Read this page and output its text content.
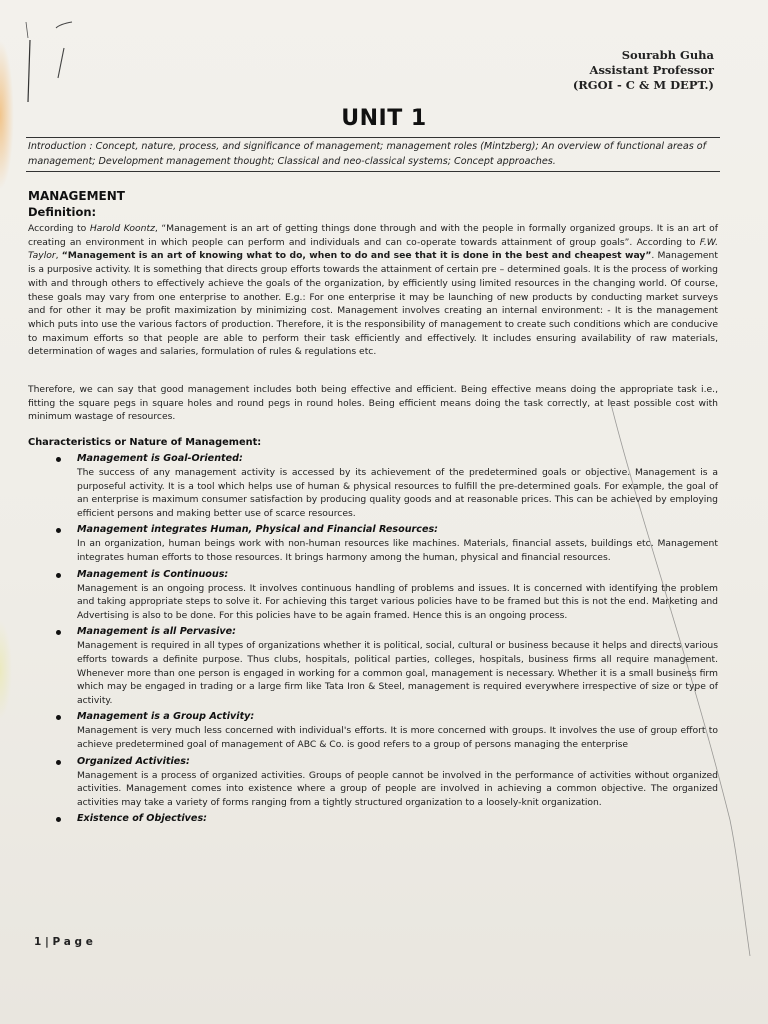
Sourabh Guha
Assistant Professor
(RGOI - C & M DEPT.)
UNIT 1
Introduction : Concept, nature, process, and significance of management; management roles (Mintzberg); An overview of functional areas of management; Development management thought; Classical and neo-classical systems; Concept approaches.
MANAGEMENT
Definition:
According to Harold Koontz, “Management is an art of getting things done through and with the people in formally organized groups. It is an art of creating an environment in which people can perform and individuals and can co-operate towards attainment of group goals”. According to F.W. Taylor, “Management is an art of knowing what to do, when to do and see that it is done in the best and cheapest way”. Management is a purposive activity. It is something that directs group efforts towards the attainment of certain pre – determined goals. It is the process of working with and through others to effectively achieve the goals of the organization, by efficiently using limited resources in the changing world. Of course, these goals may vary from one enterprise to another. E.g.: For one enterprise it may be launching of new products by conducting market surveys and for other it may be profit maximization by minimizing cost. Management involves creating an internal environment: - It is the management which puts into use the various factors of production. Therefore, it is the responsibility of management to create such conditions which are conducive to maximum efforts so that people are able to perform their task efficiently and effectively. It includes ensuring availability of raw materials, determination of wages and salaries, formulation of rules & regulations etc.
Therefore, we can say that good management includes both being effective and efficient. Being effective means doing the appropriate task i.e., fitting the square pegs in square holes and round pegs in round holes. Being efficient means doing the task correctly, at least possible cost with minimum wastage of resources.
Characteristics or Nature of Management:
Management is Goal-Oriented:
The success of any management activity is accessed by its achievement of the predetermined goals or objective. Management is a purposeful activity. It is a tool which helps use of human & physical resources to fulfill the pre-determined goals. For example, the goal of an enterprise is maximum consumer satisfaction by producing quality goods and at reasonable prices. This can be achieved by employing efficient persons and making better use of scarce resources.
Management integrates Human, Physical and Financial Resources:
In an organization, human beings work with non-human resources like machines. Materials, financial assets, buildings etc. Management integrates human efforts to those resources. It brings harmony among the human, physical and financial resources.
Management is Continuous:
Management is an ongoing process. It involves continuous handling of problems and issues. It is concerned with identifying the problem and taking appropriate steps to solve it. For achieving this target various policies have to be framed but this is not the end. Marketing and Advertising is also to be done. For this policies have to be again framed. Hence this is an ongoing process.
Management is all Pervasive:
Management is required in all types of organizations whether it is political, social, cultural or business because it helps and directs various efforts towards a definite purpose. Thus clubs, hospitals, political parties, colleges, hospitals, business firms all require management. Whenever more than one person is engaged in working for a common goal, management is necessary. Whether it is a small business firm which may be engaged in trading or a large firm like Tata Iron & Steel, management is required everywhere irrespective of size or type of activity.
Management is a Group Activity:
Management is very much less concerned with individual's efforts. It is more concerned with groups. It involves the use of group effort to achieve predetermined goal of management of ABC & Co. is good refers to a group of persons managing the enterprise
Organized Activities:
Management is a process of organized activities. Groups of people cannot be involved in the performance of activities without organized activities. Management comes into existence where a group of people are involved in achieving a common objective. The organized activities may take a variety of forms ranging from a tightly structured organization to a loosely-knit organization.
Existence of Objectives:
1 | P a g e
